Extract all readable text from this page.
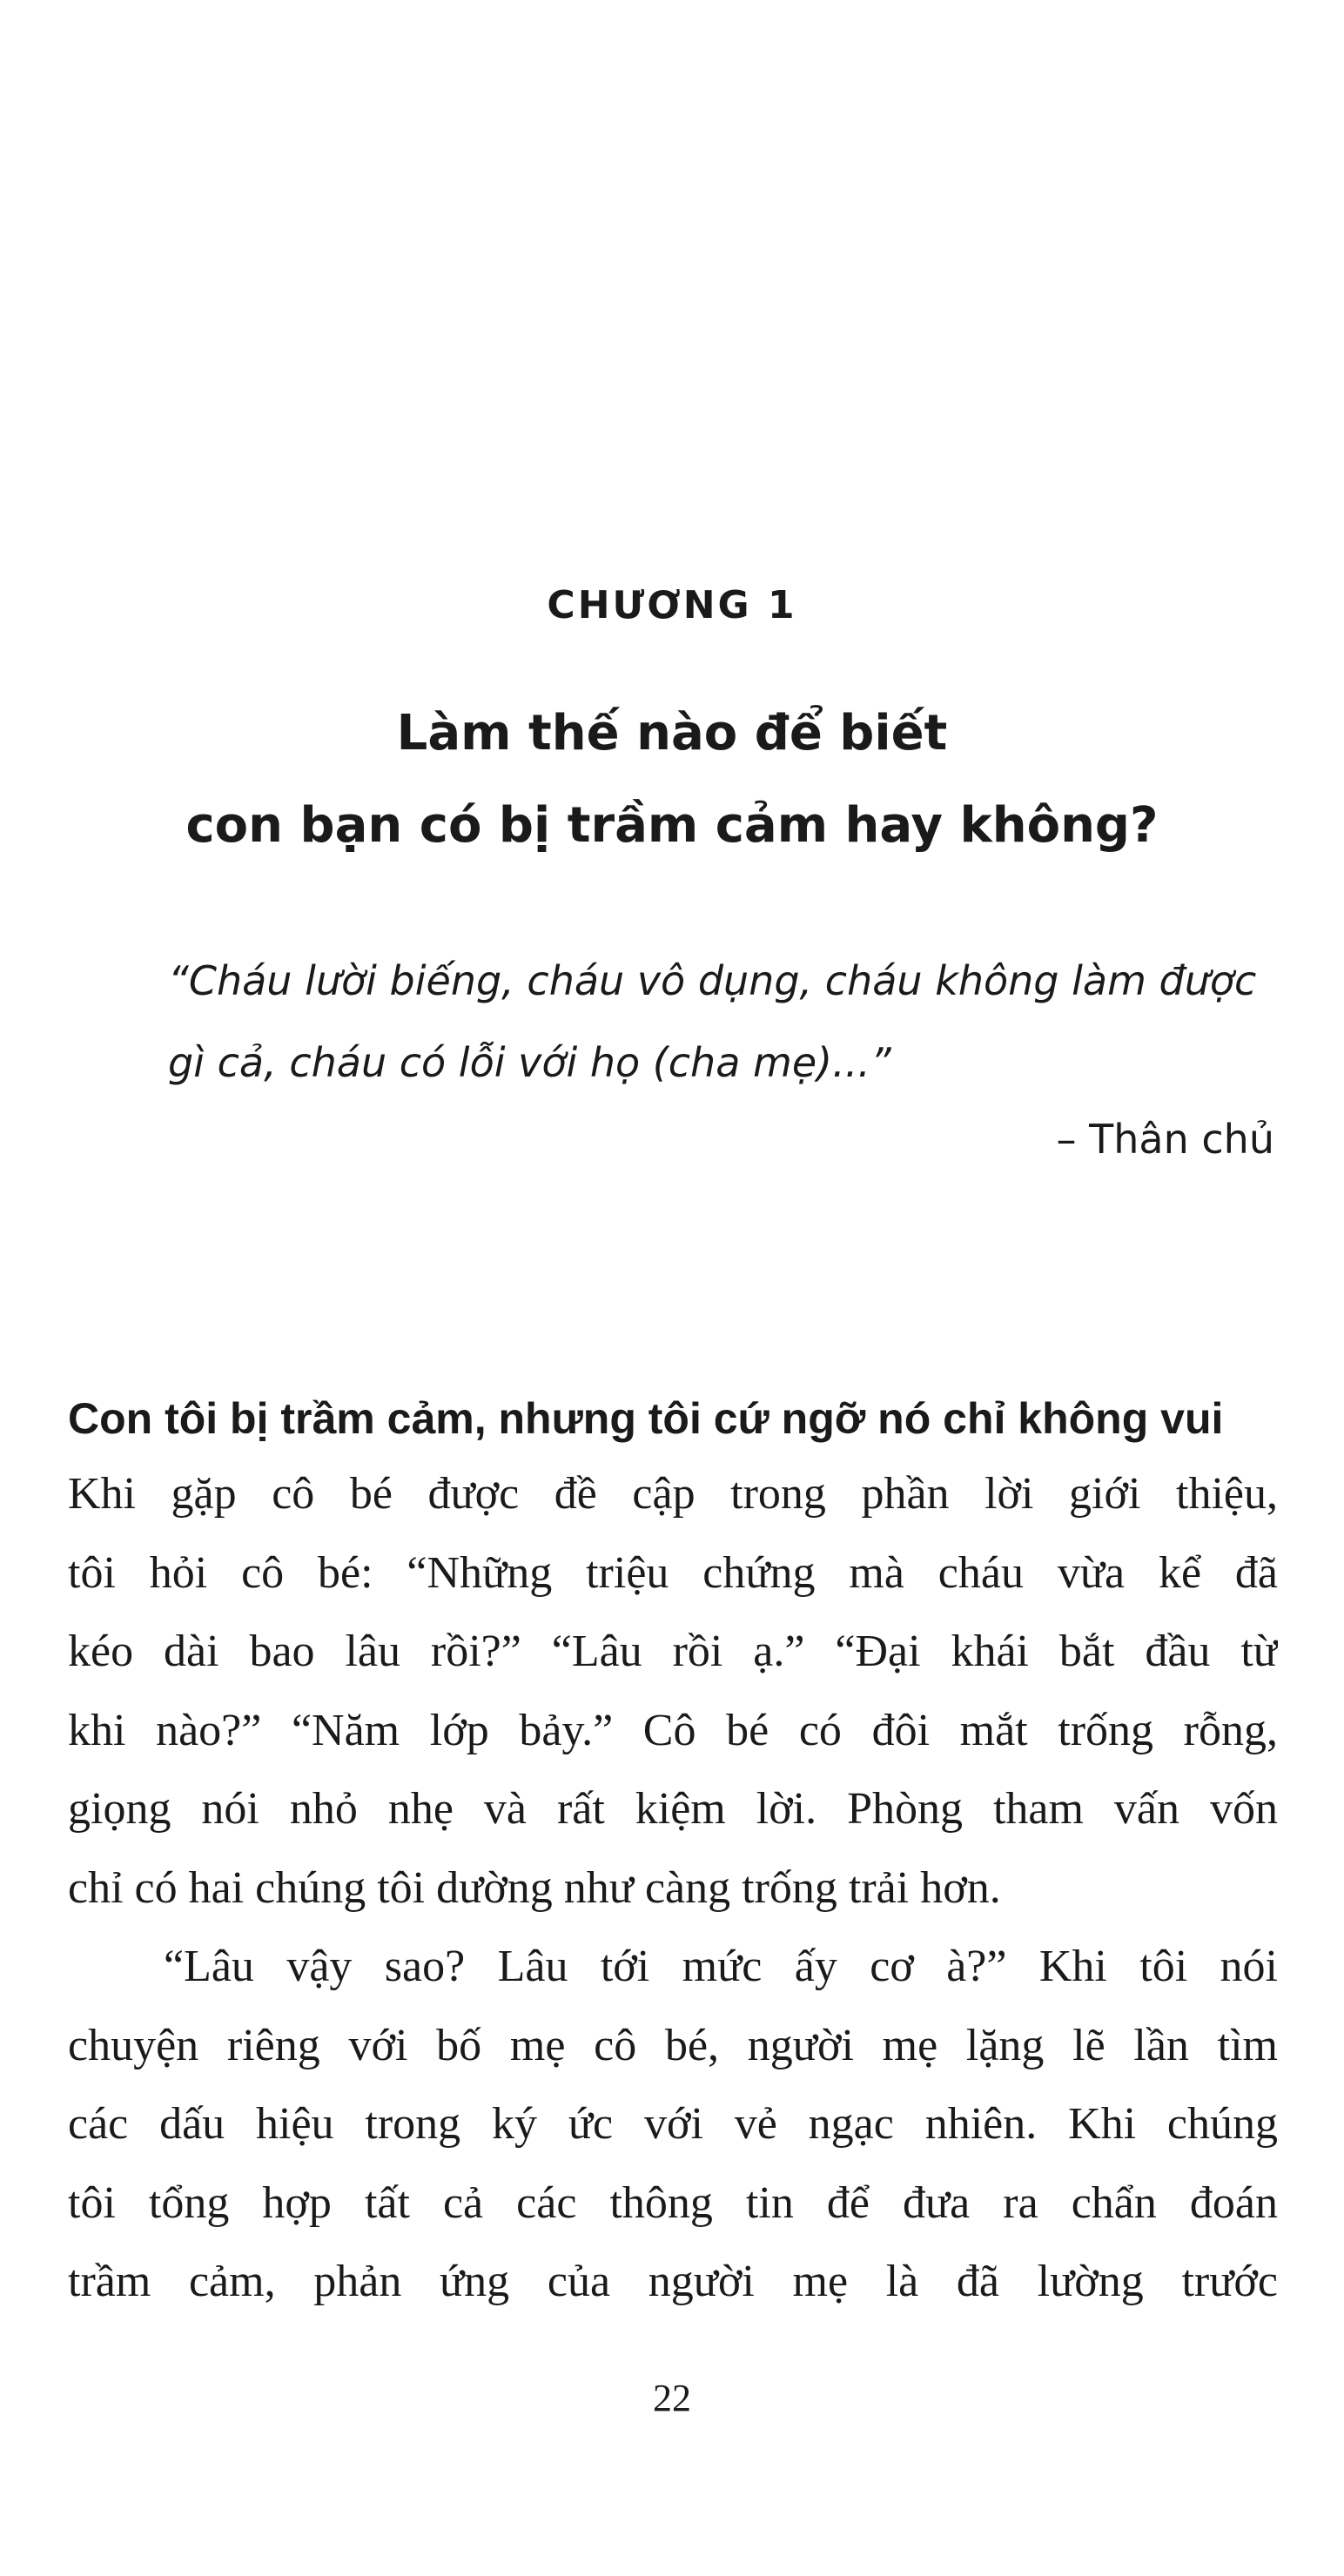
CHƯƠNG 1
Làm thế nào để biết
con bạn có bị trầm cảm hay không?
“Cháu lười biếng, cháu vô dụng, cháu không làm được
gì cả, cháu có lỗi với họ (cha mẹ)...”
– Thân chủ
Con tôi bị trầm cảm, nhưng tôi cứ ngỡ nó chỉ không vui
Khi gặp cô bé được đề cập trong phần lời giới thiệu,
tôi hỏi cô bé: “Những triệu chứng mà cháu vừa kể đã
kéo dài bao lâu rồi?” “Lâu rồi ạ.” “Đại khái bắt đầu từ
khi nào?” “Năm lớp bảy.” Cô bé có đôi mắt trống rỗng,
giọng nói nhỏ nhẹ và rất kiệm lời. Phòng tham vấn vốn
chỉ có hai chúng tôi dường như càng trống trải hơn.
“Lâu vậy sao? Lâu tới mức ấy cơ à?” Khi tôi nói
chuyện riêng với bố mẹ cô bé, người mẹ lặng lẽ lần tìm
các dấu hiệu trong ký ức với vẻ ngạc nhiên. Khi chúng
tôi tổng hợp tất cả các thông tin để đưa ra chẩn đoán
trầm cảm, phản ứng của người mẹ là đã lường trước
22
